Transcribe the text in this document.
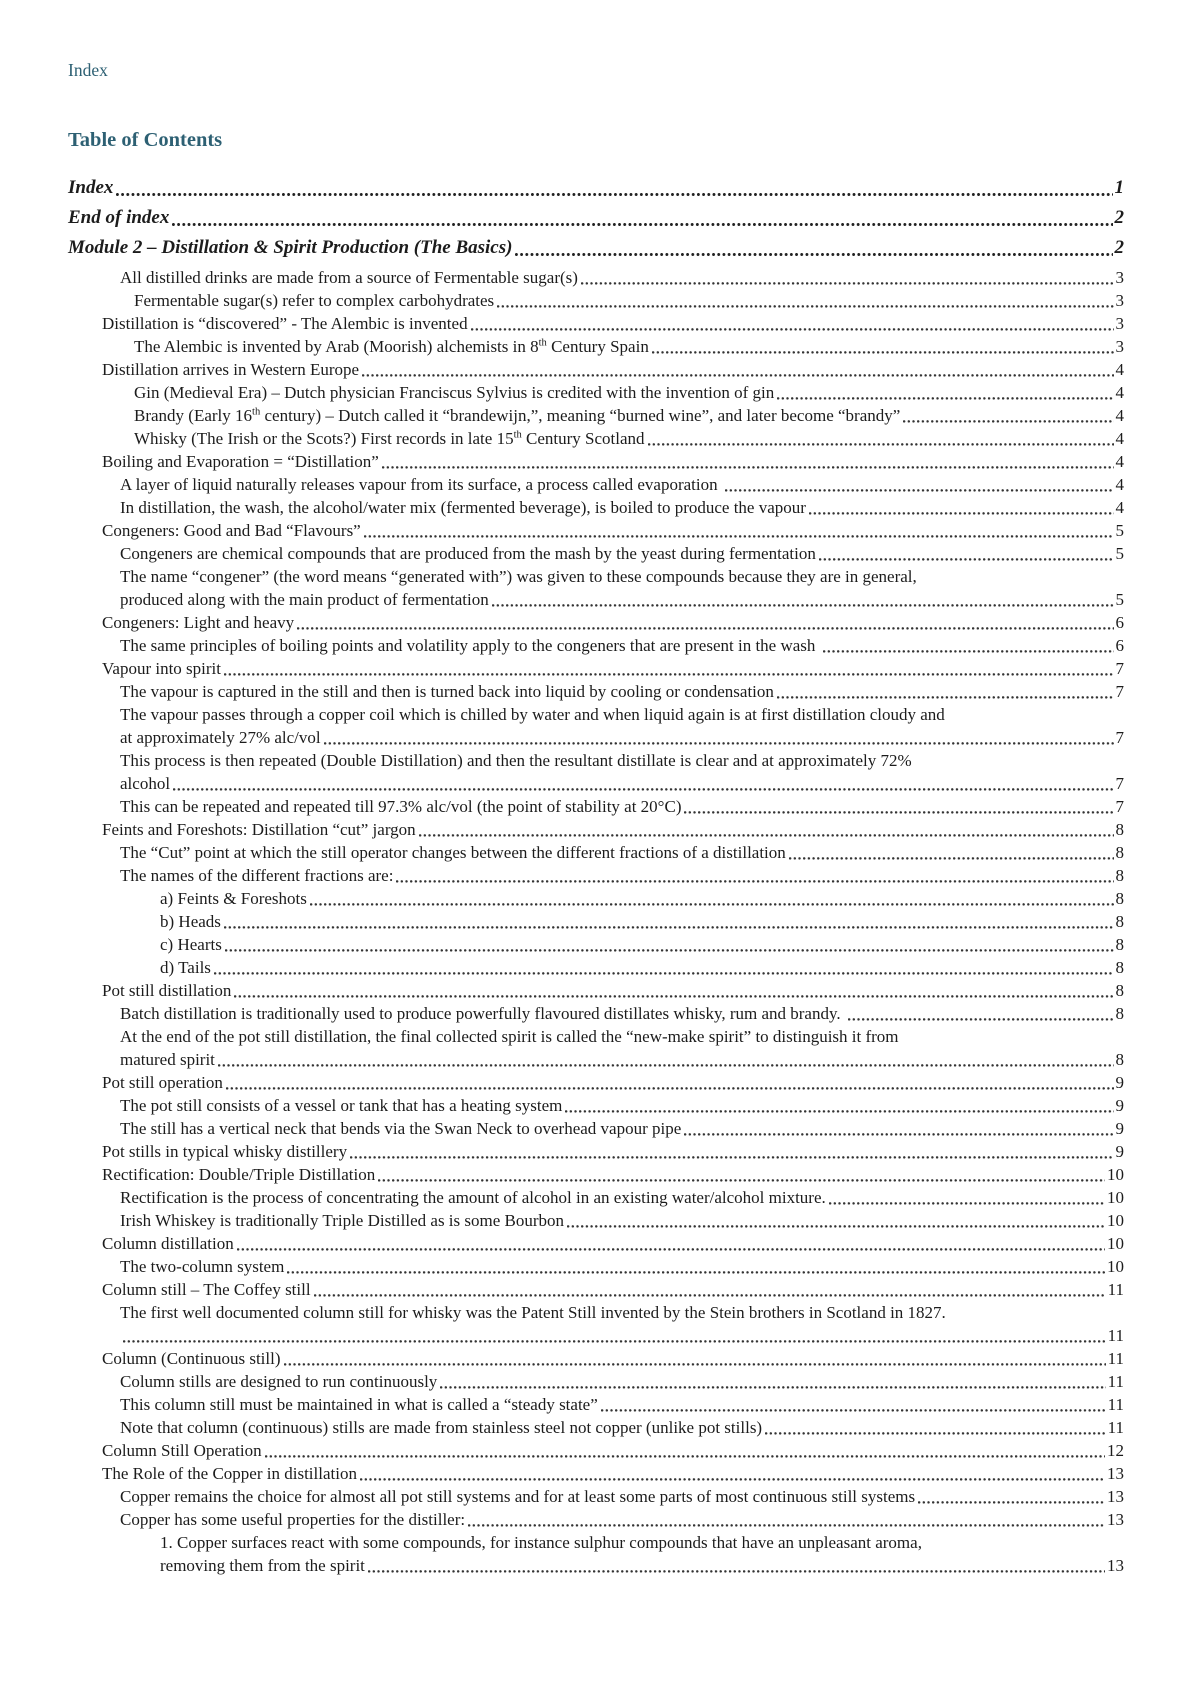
Index
Table of Contents
Index	1
End of index	2
Module 2 – Distillation & Spirit Production (The Basics)	2
All distilled drinks are made from a source of Fermentable sugar(s)	3
Fermentable sugar(s) refer to complex carbohydrates	3
Distillation is “discovered” - The Alembic is invented	3
The Alembic is invented by Arab (Moorish) alchemists in 8th Century Spain	3
Distillation arrives in Western Europe	4
Gin (Medieval Era) – Dutch physician Franciscus Sylvius is credited with the invention of gin	4
Brandy (Early 16th century) – Dutch called it “brandewijn,”, meaning “burned wine”, and later become “brandy”	4
Whisky (The Irish or the Scots?) First records in late 15th Century Scotland	4
Boiling and Evaporation = “Distillation”	4
A layer of liquid naturally releases vapour from its surface, a process called evaporation	4
In distillation, the wash, the alcohol/water mix (fermented beverage), is boiled to produce the vapour	4
Congeners: Good and Bad “Flavours”	5
Congeners are chemical compounds that are produced from the mash by the yeast during fermentation	5
The name “congener” (the word means “generated with”) was given to these compounds because they are in general,
produced along with the main product of fermentation	5
Congeners: Light and heavy	6
The same principles of boiling points and volatility apply to the congeners that are present in the wash	6
Vapour into spirit	7
The vapour is captured in the still and then is turned back into liquid by cooling or condensation	7
The vapour passes through a copper coil which is chilled by water and when liquid again is at first distillation cloudy and
at approximately 27% alc/vol	7
This process is then repeated (Double Distillation) and then the resultant distillate is clear and at approximately 72%
alcohol	7
This can be repeated and repeated till 97.3% alc/vol (the point of stability at 20°C)	7
Feints and Foreshots: Distillation “cut” jargon	8
The “Cut” point at which the still operator changes between the different fractions of a distillation	8
The names of the different fractions are:	8
a) Feints & Foreshots	8
b) Heads	8
c) Hearts	8
d) Tails	8
Pot still distillation	8
Batch distillation is traditionally used to produce powerfully flavoured distillates whisky, rum and brandy.	8
At the end of the pot still distillation, the final collected spirit is called the “new-make spirit” to distinguish it from
matured spirit	8
Pot still operation	9
The pot still consists of a vessel or tank that has a heating system	9
The still has a vertical neck that bends via the Swan Neck to overhead vapour pipe	9
Pot stills in typical whisky distillery	9
Rectification: Double/Triple Distillation	10
Rectification is the process of concentrating the amount of alcohol in an existing water/alcohol mixture.	10
Irish Whiskey is traditionally Triple Distilled as is some Bourbon	10
Column distillation	10
The two-column system	10
Column still – The Coffey still	11
The first well documented column still for whisky was the Patent Still invented by the Stein brothers in Scotland in 1827.
11
Column (Continuous still)	11
Column stills are designed to run continuously	11
This column still must be maintained in what is called a “steady state”	11
Note that column (continuous) stills are made from stainless steel not copper (unlike pot stills)	11
Column Still Operation	12
The Role of the Copper in distillation	13
Copper remains the choice for almost all pot still systems and for at least some parts of most continuous still systems	13
Copper has some useful properties for the distiller:	13
1. Copper surfaces react with some compounds, for instance sulphur compounds that have an unpleasant aroma,
removing them from the spirit	13
